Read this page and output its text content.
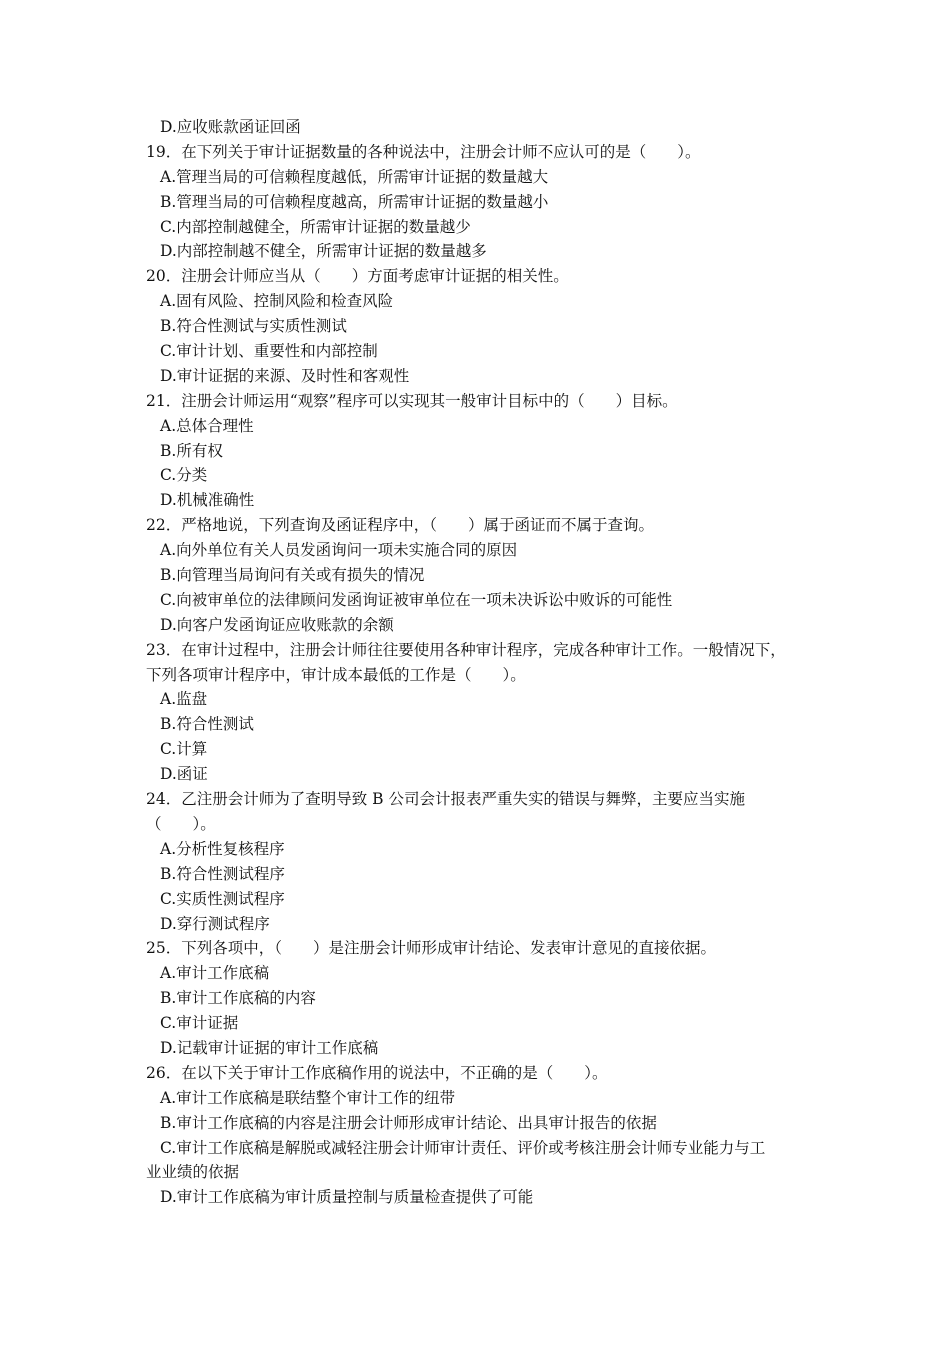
D.应收账款函证回函
19．在下列关于审计证据数量的各种说法中，注册会计师不应认可的是（　　）。
A.管理当局的可信赖程度越低，所需审计证据的数量越大
B.管理当局的可信赖程度越高，所需审计证据的数量越小
C.内部控制越健全，所需审计证据的数量越少
D.内部控制越不健全，所需审计证据的数量越多
20．注册会计师应当从（　　）方面考虑审计证据的相关性。
A.固有风险、控制风险和检查风险
B.符合性测试与实质性测试
C.审计计划、重要性和内部控制
D.审计证据的来源、及时性和客观性
21．注册会计师运用“观察”程序可以实现其一般审计目标中的（　　）目标。
A.总体合理性
B.所有权
C.分类
D.机械准确性
22．严格地说，下列查询及函证程序中，（　　）属于函证而不属于查询。
A.向外单位有关人员发函询问一项未实施合同的原因
B.向管理当局询问有关或有损失的情况
C.向被审单位的法律顾问发函询证被审单位在一项未决诉讼中败诉的可能性
D.向客户发函询证应收账款的余额
23．在审计过程中，注册会计师往往要使用各种审计程序，完成各种审计工作。一般情况下，
下列各项审计程序中，审计成本最低的工作是（　　）。
A.监盘
B.符合性测试
C.计算
D.函证
24．乙注册会计师为了查明导致 B 公司会计报表严重失实的错误与舞弊，主要应当实施
（　　）。
A.分析性复核程序
B.符合性测试程序
C.实质性测试程序
D.穿行测试程序
25．下列各项中，（　　）是注册会计师形成审计结论、发表审计意见的直接依据。
A.审计工作底稿
B.审计工作底稿的内容
C.审计证据
D.记载审计证据的审计工作底稿
26．在以下关于审计工作底稿作用的说法中，不正确的是（　　）。
A.审计工作底稿是联结整个审计工作的纽带
B.审计工作底稿的内容是注册会计师形成审计结论、出具审计报告的依据
C.审计工作底稿是解脱或减轻注册会计师审计责任、评价或考核注册会计师专业能力与工
业业绩的依据
D.审计工作底稿为审计质量控制与质量检查提供了可能
